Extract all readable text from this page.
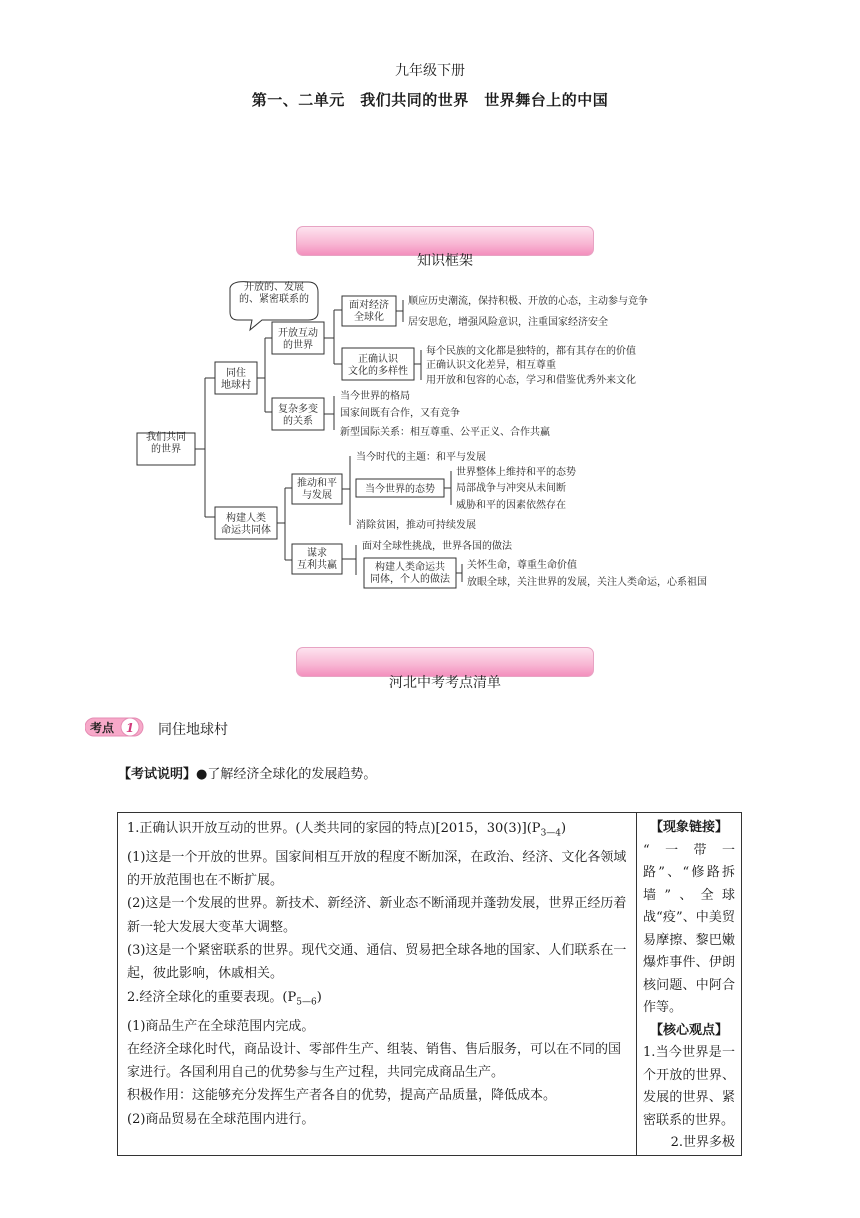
九年级下册
第一、二单元　我们共同的世界　世界舞台上的中国
知识框架
我们共同的世界
开放的、发展的、紧密联系的
同住地球村
开放互动的世界
面对经济全球化
顺应历史潮流，保持积极、开放的心态，主动参与竞争
居安思危，增强风险意识，注重国家经济安全
正确认识文化的多样性
每个民族的文化都是独特的，都有其存在的价值
正确认识文化差异，相互尊重
用开放和包容的心态，学习和借鉴优秀外来文化
复杂多变的关系
当今世界的格局
国家间既有合作，又有竞争
新型国际关系：相互尊重、公平正义、合作共赢
构建人类命运共同体
推动和平与发展
当今时代的主题：和平与发展
当今世界的态势
世界整体上维持和平的态势
局部战争与冲突从未间断
威胁和平的因素依然存在
消除贫困，推动可持续发展
谋求互利共赢
面对全球性挑战，世界各国的做法
构建人类命运共同体，个人的做法
关怀生命，尊重生命价值
放眼全球，关注世界的发展，关注人类命运，心系祖国
河北中考考点清单
考点 1 同住地球村
【考试说明】●了解经济全球化的发展趋势。

1.正确认识开放互动的世界。(人类共同的家园的特点)[2015，$30(3)](P_{3—4})$

(1)这是一个开放的世界。国家间相互开放的程度不断加深，在政治、经济、文化各领域的开放范围也在不断扩展。

(2)这是一个发展的世界。新技术、新经济、新业态不断涌现并蓬勃发展，世界正经历着新一轮大发展大变革大调整。

(3)这是一个紧密联系的世界。现代交通、通信、贸易把全球各地的国家、人们联系在一起，彼此影响，休戚相关。

2.经济全球化的重要表现。$(P_{5—6})$

(1)商品生产在全球范围内完成。

在经济全球化时代，商品设计、零部件生产、组装、销售、售后服务，可以在不同的国家进行。各国利用自己的优势参与生产过程，共同完成商品生产。

积极作用：这能够充分发挥生产者各自的优势，提高产品质量，降低成本。

(2)商品贸易在全球范围内进行。

【现象链接】

“一带一路”、“修路拆墙”、全球战“疫”、中美贸易摩擦、黎巴嫩爆炸事件、伊朗核问题、中阿合作等。

【核心观点】

1.当今世界是一个开放的世界、发展的世界、紧密联系的世界。

2.世界多极
